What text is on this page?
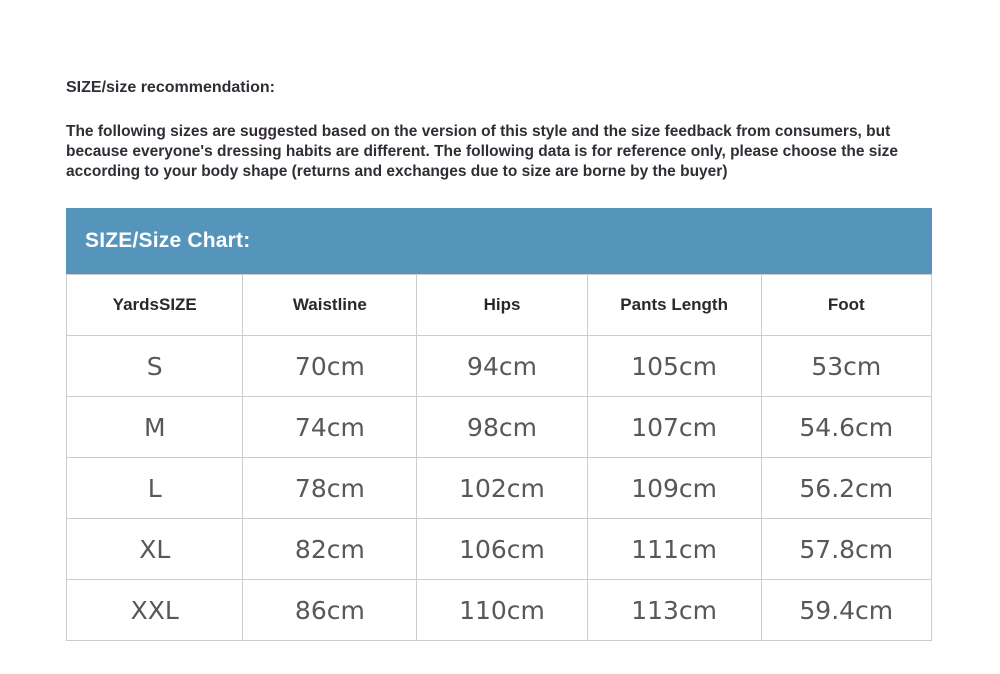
SIZE/size recommendation:

The following sizes are suggested based on the version of this style and the size feedback from consumers, but because everyone's dressing habits are different. The following data is for reference only, please choose the size according to your body shape (returns and exchanges due to size are borne by the buyer)

SIZE/Size Chart:
YardsSIZE	Waistline	Hips	Pants Length	Foot
S	70cm	94cm	105cm	53cm
M	74cm	98cm	107cm	54.6cm
L	78cm	102cm	109cm	56.2cm
XL	82cm	106cm	111cm	57.8cm
XXL	86cm	110cm	113cm	59.4cm
